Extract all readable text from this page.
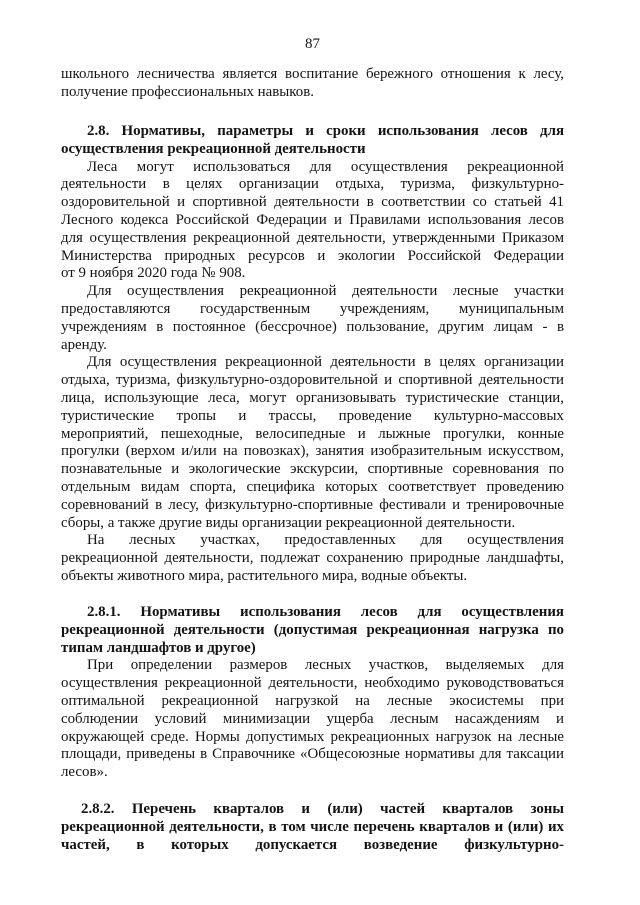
87
школьного лесничества является воспитание бережного отношения к лесу,
получение профессиональных навыков.
2.8. Нормативы, параметры и сроки использования лесов для
осуществления рекреационной деятельности
Леса могут использоваться для осуществления рекреационной
деятельности в целях организации отдыха, туризма, физкультурно-
оздоровительной и спортивной деятельности в соответствии со статьей 41
Лесного кодекса Российской Федерации и Правилами использования лесов
для осуществления рекреационной деятельности, утвержденными Приказом
Министерства природных ресурсов и экологии Российской Федерации
от 9 ноября 2020 года № 908.
Для осуществления рекреационной деятельности лесные участки
предоставляются государственным учреждениям, муниципальным
учреждениям в постоянное (бессрочное) пользование, другим лицам - в
аренду.
Для осуществления рекреационной деятельности в целях организации
отдыха, туризма, физкультурно-оздоровительной и спортивной деятельности
лица, использующие леса, могут организовывать туристические станции,
туристические тропы и трассы, проведение культурно-массовых
мероприятий, пешеходные, велосипедные и лыжные прогулки, конные
прогулки (верхом и/или на повозках), занятия изобразительным искусством,
познавательные и экологические экскурсии, спортивные соревнования по
отдельным видам спорта, специфика которых соответствует проведению
соревнований в лесу, физкультурно-спортивные фестивали и тренировочные
сборы, а также другие виды организации рекреационной деятельности.
На лесных участках, предоставленных для осуществления
рекреационной деятельности, подлежат сохранению природные ландшафты,
объекты животного мира, растительного мира, водные объекты.
2.8.1. Нормативы использования лесов для осуществления
рекреационной деятельности (допустимая рекреационная нагрузка по
типам ландшафтов и другое)
При определении размеров лесных участков, выделяемых для
осуществления рекреационной деятельности, необходимо руководствоваться
оптимальной рекреационной нагрузкой на лесные экосистемы при
соблюдении условий минимизации ущерба лесным насаждениям и
окружающей среде. Нормы допустимых рекреационных нагрузок на лесные
площади, приведены в Справочнике «Общесоюзные нормативы для таксации
лесов».
2.8.2. Перечень кварталов и (или) частей кварталов зоны
рекреационной деятельности, в том числе перечень кварталов и (или) их
частей, в которых допускается возведение физкультурно-
